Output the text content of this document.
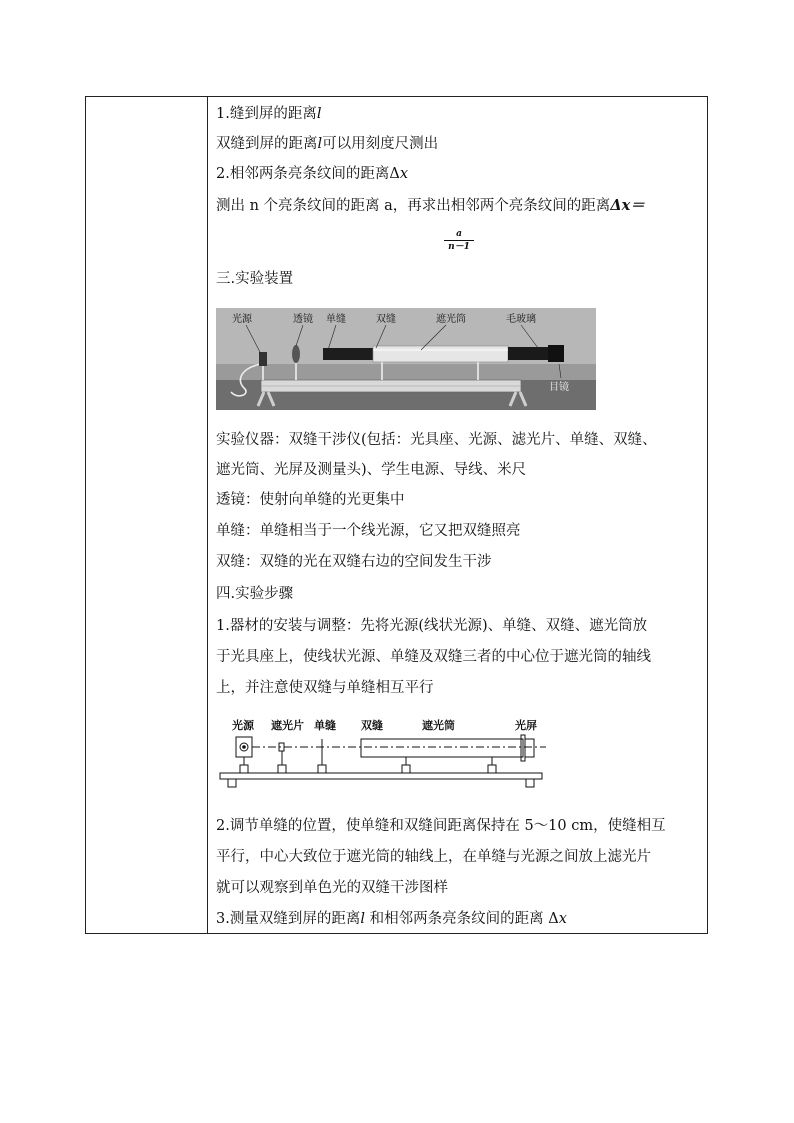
1.缝到屏的距离l
双缝到屏的距离l可以用刻度尺测出
2.相邻两条亮条纹间的距离Δx
测出 n 个亮条纹间的距离 a，再求出相邻两个亮条纹间的距离Δx＝
a
n－1
三.实验装置
光源	透镜 单缝	双缝	遮光筒	毛玻璃
目镜
实验仪器：双缝干涉仪(包括：光具座、光源、滤光片、单缝、双缝、
遮光筒、光屏及测量头)、学生电源、导线、米尺
透镜：使射向单缝的光更集中
单缝：单缝相当于一个线光源，它又把双缝照亮
双缝：双缝的光在双缝右边的空间发生干涉
四.实验步骤
1.器材的安装与调整：先将光源(线状光源)、单缝、双缝、遮光筒放
于光具座上，使线状光源、单缝及双缝三者的中心位于遮光筒的轴线
上，并注意使双缝与单缝相互平行
光源 遮光片 单缝 双缝	遮光筒	光屏
2.调节单缝的位置，使单缝和双缝间距离保持在 5～10 cm，使缝相互
平行，中心大致位于遮光筒的轴线上，在单缝与光源之间放上滤光片
就可以观察到单色光的双缝干涉图样
3.测量双缝到屏的距离l 和相邻两条亮条纹间的距离 Δx
